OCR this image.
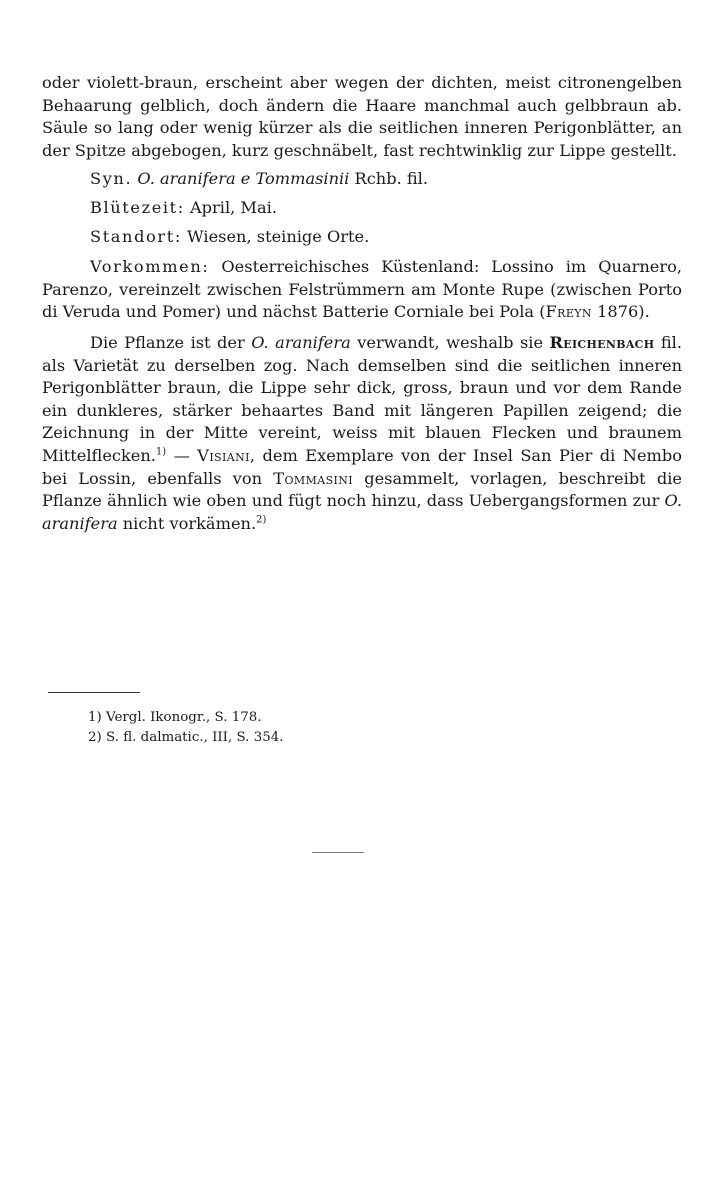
oder violett-braun, erscheint aber wegen der dichten, meist citronengelben Behaarung gelblich, doch ändern die Haare manchmal auch gelbbraun ab. Säule so lang oder wenig kürzer als die seitlichen inneren Perigonblätter, an der Spitze abgebogen, kurz geschnäbelt, fast rechtwinklig zur Lippe gestellt.

Syn. O. aranifera e Tommasinii Rchb. fil.

Blütezeit: April, Mai.

Standort: Wiesen, steinige Orte.

Vorkommen: Oesterreichisches Küstenland: Lossino im Quarnero, Parenzo, vereinzelt zwischen Felstrümmern am Monte Rupe (zwischen Porto di Veruda und Pomer) und nächst Batterie Corniale bei Pola (Freyn 1876).

Die Pflanze ist der O. aranifera verwandt, weshalb sie Reichenbach fil. als Varietät zu derselben zog. Nach demselben sind die seitlichen inneren Perigonblätter braun, die Lippe sehr dick, gross, braun und vor dem Rande ein dunkleres, stärker behaartes Band mit längeren Papillen zeigend; die Zeichnung in der Mitte vereint, weiss mit blauen Flecken und braunem Mittelflecken.$^{1)}$ — Visiani, dem Exemplare von der Insel San Pier di Nembo bei Lossin, ebenfalls von Tommasini gesammelt, vorlagen, beschreibt die Pflanze ähnlich wie oben und fügt noch hinzu, dass Uebergangsformen zur O. aranifera nicht vorkämen.$^{2)}$

1) Vergl. Ikonogr., S. 178.

2) S. fl. dalmatic., III, S. 354.
